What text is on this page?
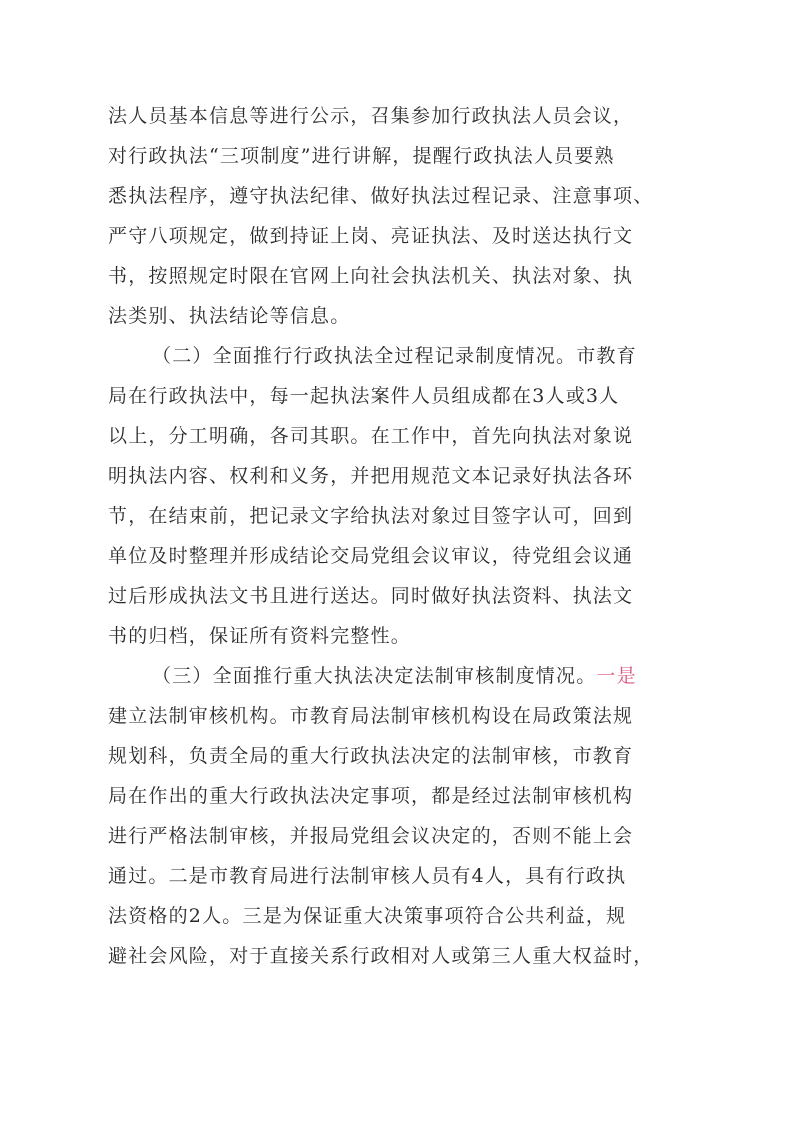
法人员基本信息等进行公示，召集参加行政执法人员会议，
对行政执法“三项制度”进行讲解，提醒行政执法人员要熟
悉执法程序，遵守执法纪律、做好执法过程记录、注意事项、
严守八项规定，做到持证上岗、亮证执法、及时送达执行文
书，按照规定时限在官网上向社会执法机关、执法对象、执
法类别、执法结论等信息。
（二）全面推行行政执法全过程记录制度情况。市教育
局在行政执法中，每一起执法案件人员组成都在3人或3人
以上，分工明确，各司其职。在工作中，首先向执法对象说
明执法内容、权利和义务，并把用规范文本记录好执法各环
节，在结束前，把记录文字给执法对象过目签字认可，回到
单位及时整理并形成结论交局党组会议审议，待党组会议通
过后形成执法文书且进行送达。同时做好执法资料、执法文
书的归档，保证所有资料完整性。
（三）全面推行重大执法决定法制审核制度情况。一是
建立法制审核机构。市教育局法制审核机构设在局政策法规
规划科，负责全局的重大行政执法决定的法制审核，市教育
局在作出的重大行政执法决定事项，都是经过法制审核机构
进行严格法制审核，并报局党组会议决定的，否则不能上会
通过。二是市教育局进行法制审核人员有4人，具有行政执
法资格的2人。三是为保证重大决策事项符合公共利益，规
避社会风险，对于直接关系行政相对人或第三人重大权益时，
